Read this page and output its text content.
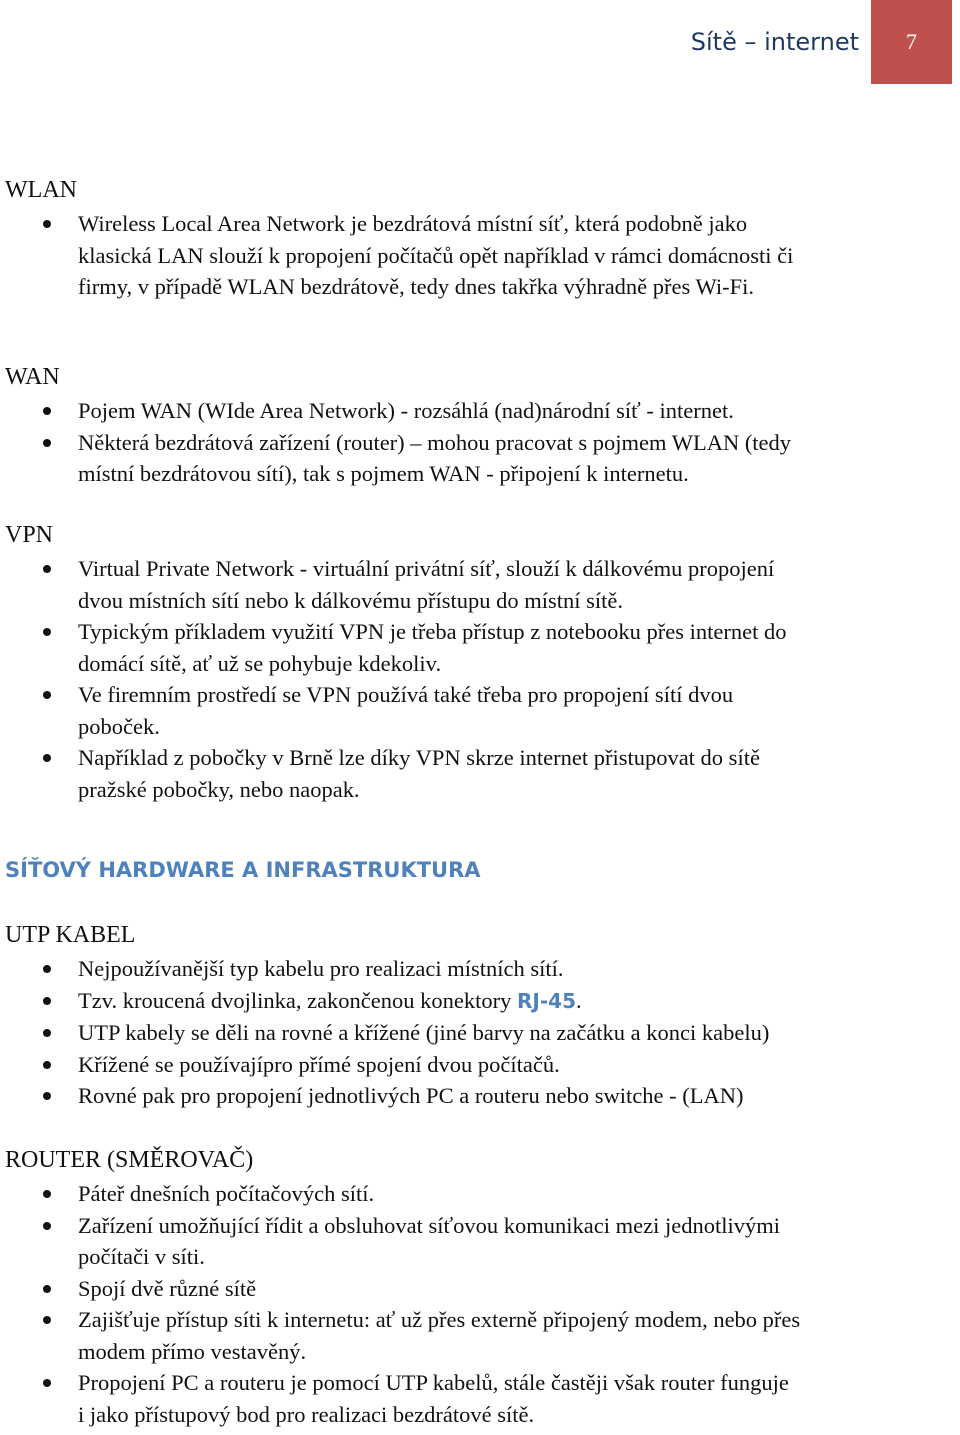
Sítě – internet 7
WLAN
Wireless Local Area Network je bezdrátová místní síť, která podobně jako
klasická LAN slouží k propojení počítačů opět například v rámci domácnosti či
firmy, v případě WLAN bezdrátově, tedy dnes takřka výhradně přes Wi-Fi.
WAN
Pojem WAN (WIde Area Network) - rozsáhlá (nad)národní síť - internet.
Některá bezdrátová zařízení (router) – mohou pracovat s pojmem WLAN (tedy
místní bezdrátovou sítí), tak s pojmem WAN - připojení k internetu.
VPN
Virtual Private Network - virtuální privátní síť, slouží k dálkovému propojení
dvou místních sítí nebo k dálkovému přístupu do místní sítě.
Typickým příkladem využití VPN je třeba přístup z notebooku přes internet do
domácí sítě, ať už se pohybuje kdekoliv.
Ve firemním prostředí se VPN používá také třeba pro propojení sítí dvou
poboček.
Například z pobočky v Brně lze díky VPN skrze internet přistupovat do sítě
pražské pobočky, nebo naopak.
SÍŤOVÝ HARDWARE A INFRASTRUKTURA
UTP KABEL
Nejpoužívanější typ kabelu pro realizaci místních sítí.
Tzv. kroucená dvojlinka, zakončenou konektory RJ-45.
UTP kabely se děli na rovné a křížené (jiné barvy na začátku a konci kabelu)
Křížené se používajípro přímé spojení dvou počítačů.
Rovné pak pro propojení jednotlivých PC a routeru nebo switche - (LAN)
ROUTER (SMĚROVAČ)
Páteř dnešních počítačových sítí.
Zařízení umožňující řídit a obsluhovat síťovou komunikaci mezi jednotlivými
počítači v síti.
Spojí dvě různé sítě
Zajišťuje přístup síti k internetu: ať už přes externě připojený modem, nebo přes
modem přímo vestavěný.
Propojení PC a routeru je pomocí UTP kabelů, stále častěji však router funguje
i jako přístupový bod pro realizaci bezdrátové sítě.
